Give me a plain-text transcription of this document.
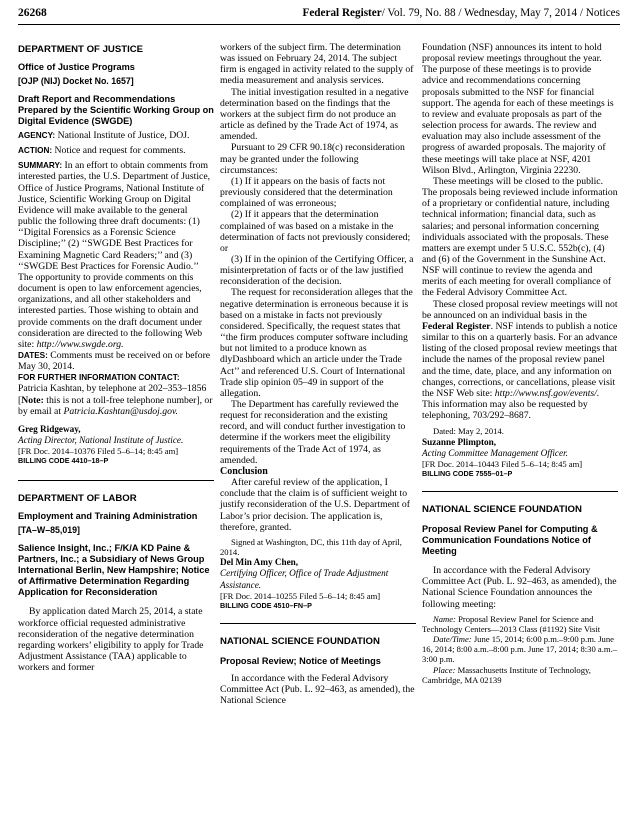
26268	Federal Register/ Vol. 79, No. 88 / Wednesday, May 7, 2014 / Notices
DEPARTMENT OF JUSTICE
Office of Justice Programs
[OJP (NIJ) Docket No. 1657]
Draft Report and Recommendations Prepared by the Scientific Working Group on Digital Evidence (SWGDE)

AGENCY: National Institute of Justice, DOJ.

ACTION: Notice and request for comments.

SUMMARY: In an effort to obtain comments from interested parties, the U.S. Department of Justice, Office of Justice Programs, National Institute of Justice, Scientific Working Group on Digital Evidence will make available to the general public the following three draft documents: (1) ‘‘Digital Forensics as a Forensic Science Discipline;’’ (2) ‘‘SWGDE Best Practices for Examining Magnetic Card Readers;’’ and (3) ‘‘SWGDE Best Practices for Forensic Audio.’’ The opportunity to provide comments on this document is open to law enforcement agencies, organizations, and all other stakeholders and interested parties. Those wishing to obtain and provide comments on the draft document under consideration are directed to the following Web site: http://www.swgde.org.

DATES: Comments must be received on or before May 30, 2014.

FOR FURTHER INFORMATION CONTACT:
Patricia Kashtan, by telephone at 202–353–1856 [Note: this is not a toll-free telephone number], or by email at Patricia.Kashtan@usdoj.gov.

Greg Ridgeway,

Acting Director, National Institute of Justice.

[FR Doc. 2014–10376 Filed 5–6–14; 8:45 am]

BILLING CODE 4410–18–P

DEPARTMENT OF LABOR
Employment and Training Administration
[TA–W–85,019]
Salience Insight, Inc.; F/K/A KD Paine & Partners, Inc.; a Subsidiary of News Group International Berlin, New Hampshire; Notice of Affirmative Determination Regarding Application for Reconsideration

By application dated March 25, 2014, a state workforce official requested administrative reconsideration of the negative determination regarding workers’ eligibility to apply for Trade Adjustment Assistance (TAA) applicable to workers and former

workers of the subject firm. The determination was issued on February 24, 2014. The subject firm is engaged in activity related to the supply of media measurement and analysis services.

The initial investigation resulted in a negative determination based on the findings that the workers at the subject firm do not produce an article as defined by the Trade Act of 1974, as amended.

Pursuant to 29 CFR 90.18(c) reconsideration may be granted under the following circumstances:

(1) If it appears on the basis of facts not previously considered that the determination complained of was erroneous;

(2) If it appears that the determination complained of was based on a mistake in the determination of facts not previously considered; or

(3) If in the opinion of the Certifying Officer, a misinterpretation of facts or of the law justified reconsideration of the decision.

The request for reconsideration alleges that the negative determination is erroneous because it is based on a mistake in facts not previously considered. Specifically, the request states that ‘‘the firm produces computer software including but not limited to a produce known as dlyDashboard which an article under the Trade Act’’ and referenced U.S. Court of International Trade slip opinion 05–49 in support of the allegation.

The Department has carefully reviewed the request for reconsideration and the existing record, and will conduct further investigation to determine if the workers meet the eligibility requirements of the Trade Act of 1974, as amended.

Conclusion

After careful review of the application, I conclude that the claim is of sufficient weight to justify reconsideration of the U.S. Department of Labor’s prior decision. The application is, therefore, granted.

Signed at Washington, DC, this 11th day of April, 2014.

Del Min Amy Chen,

Certifying Officer, Office of Trade Adjustment Assistance.

[FR Doc. 2014–10255 Filed 5–6–14; 8:45 am]

BILLING CODE 4510–FN–P

NATIONAL SCIENCE FOUNDATION
Proposal Review; Notice of Meetings

In accordance with the Federal Advisory Committee Act (Pub. L. 92–463, as amended), the National Science

Foundation (NSF) announces its intent to hold proposal review meetings throughout the year. The purpose of these meetings is to provide advice and recommendations concerning proposals submitted to the NSF for financial support. The agenda for each of these meetings is to review and evaluate proposals as part of the selection process for awards. The review and evaluation may also include assessment of the progress of awarded proposals. The majority of these meetings will take place at NSF, 4201 Wilson Blvd., Arlington, Virginia 22230.

These meetings will be closed to the public. The proposals being reviewed include information of a proprietary or confidential nature, including technical information; financial data, such as salaries; and personal information concerning individuals associated with the proposals. These matters are exempt under 5 U.S.C. 552b(c), (4) and (6) of the Government in the Sunshine Act. NSF will continue to review the agenda and merits of each meeting for overall compliance of the Federal Advisory Committee Act.

These closed proposal review meetings will not be announced on an individual basis in the Federal Register. NSF intends to publish a notice similar to this on a quarterly basis. For an advance listing of the closed proposal review meetings that include the names of the proposal review panel and the time, date, place, and any information on changes, corrections, or cancellations, please visit the NSF Web site: http://www.nsf.gov/events/. This information may also be requested by telephoning, 703/292–8687.

Dated: May 2, 2014.

Suzanne Plimpton,

Acting Committee Management Officer.

[FR Doc. 2014–10443 Filed 5–6–14; 8:45 am]

BILLING CODE 7555–01–P

NATIONAL SCIENCE FOUNDATION
Proposal Review Panel for Computing & Communication Foundations Notice of Meeting

In accordance with the Federal Advisory Committee Act (Pub. L. 92–463, as amended), the National Science Foundation announces the following meeting:

Name: Proposal Review Panel for Science and Technology Centers—2013 Class (#1192) Site Visit

Date/Time: June 15, 2014; 6:00 p.m.–9:00 p.m. June 16, 2014; 8:00 a.m.–8:00 p.m. June 17, 2014; 8:30 a.m.–3:00 p.m.

Place: Massachusetts Institute of Technology, Cambridge, MA 02139
